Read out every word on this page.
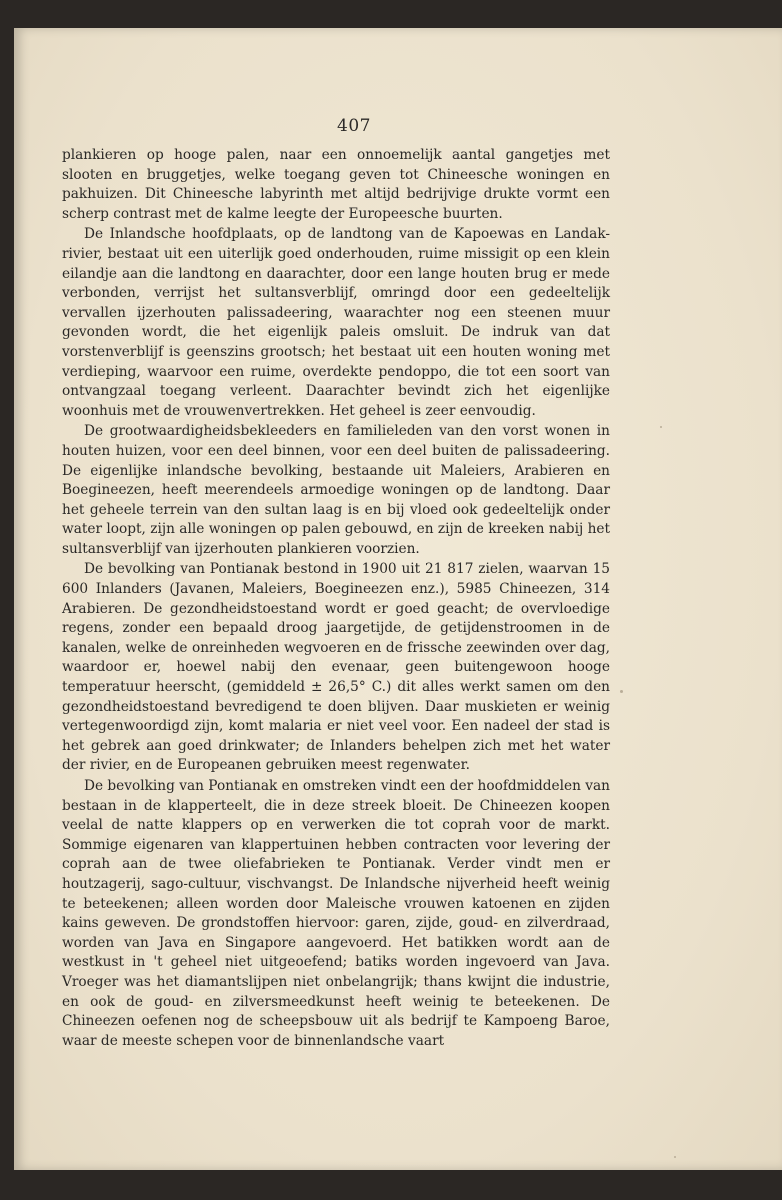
407

plankieren op hooge palen, naar een onnoemelijk aantal gangetjes met slooten en bruggetjes, welke toegang geven tot Chineesche woningen en pakhuizen. Dit Chineesche labyrinth met altijd bedrijvige drukte vormt een scherp contrast met de kalme leegte der Europeesche buurten.

De Inlandsche hoofdplaats, op de landtong van de Kapoewas en Landak-rivier, bestaat uit een uiterlijk goed onderhouden, ruime missigit op een klein eilandje aan die landtong en daarachter, door een lange houten brug er mede verbonden, verrijst het sultansverblijf, omringd door een gedeeltelijk vervallen ijzerhouten palissadeering, waarachter nog een steenen muur gevonden wordt, die het eigenlijk paleis omsluit. De indruk van dat vorstenverblijf is geenszins grootsch; het bestaat uit een houten woning met verdieping, waarvoor een ruime, overdekte pendoppo, die tot een soort van ontvangzaal toegang verleent. Daarachter bevindt zich het eigenlijke woonhuis met de vrouwenvertrekken. Het geheel is zeer eenvoudig.

De grootwaardigheidsbekleeders en familieleden van den vorst wonen in houten huizen, voor een deel binnen, voor een deel buiten de palissadeering. De eigenlijke inlandsche bevolking, bestaande uit Maleiers, Arabieren en Boegineezen, heeft meerendeels armoedige woningen op de landtong. Daar het geheele terrein van den sultan laag is en bij vloed ook gedeeltelijk onder water loopt, zijn alle woningen op palen gebouwd, en zijn de kreeken nabij het sultansverblijf van ijzerhouten plankieren voorzien.

De bevolking van Pontianak bestond in 1900 uit 21 817 zielen, waarvan 15 600 Inlanders (Javanen, Maleiers, Boegineezen enz.), 5985 Chineezen, 314 Arabieren. De gezondheidstoestand wordt er goed geacht; de overvloedige regens, zonder een bepaald droog jaargetijde, de getijdenstroomen in de kanalen, welke de onreinheden wegvoeren en de frissche zeewinden over dag, waardoor er, hoewel nabij den evenaar, geen buitengewoon hooge temperatuur heerscht, (gemiddeld ± 26,5° C.) dit alles werkt samen om den gezondheidstoestand bevredigend te doen blijven. Daar muskieten er weinig vertegenwoordigd zijn, komt malaria er niet veel voor. Een nadeel der stad is het gebrek aan goed drinkwater; de Inlanders behelpen zich met het water der rivier, en de Europeanen gebruiken meest regenwater.

De bevolking van Pontianak en omstreken vindt een der hoofdmiddelen van bestaan in de klapperteelt, die in deze streek bloeit. De Chineezen koopen veelal de natte klappers op en verwerken die tot coprah voor de markt. Sommige eigenaren van klappertuinen hebben contracten voor levering der coprah aan de twee oliefabrieken te Pontianak. Verder vindt men er houtzagerij, sago-cultuur, vischvangst. De Inlandsche nijverheid heeft weinig te beteekenen; alleen worden door Maleische vrouwen katoenen en zijden kains geweven. De grondstoffen hiervoor: garen, zijde, goud- en zilverdraad, worden van Java en Singapore aangevoerd. Het batikken wordt aan de westkust in 't geheel niet uitgeoefend; batiks worden ingevoerd van Java. Vroeger was het diamantslijpen niet onbelangrijk; thans kwijnt die industrie, en ook de goud- en zilversmeedkunst heeft weinig te beteekenen. De Chineezen oefenen nog de scheepsbouw uit als bedrijf te Kampoeng Baroe, waar de meeste schepen voor de binnenlandsche vaart
